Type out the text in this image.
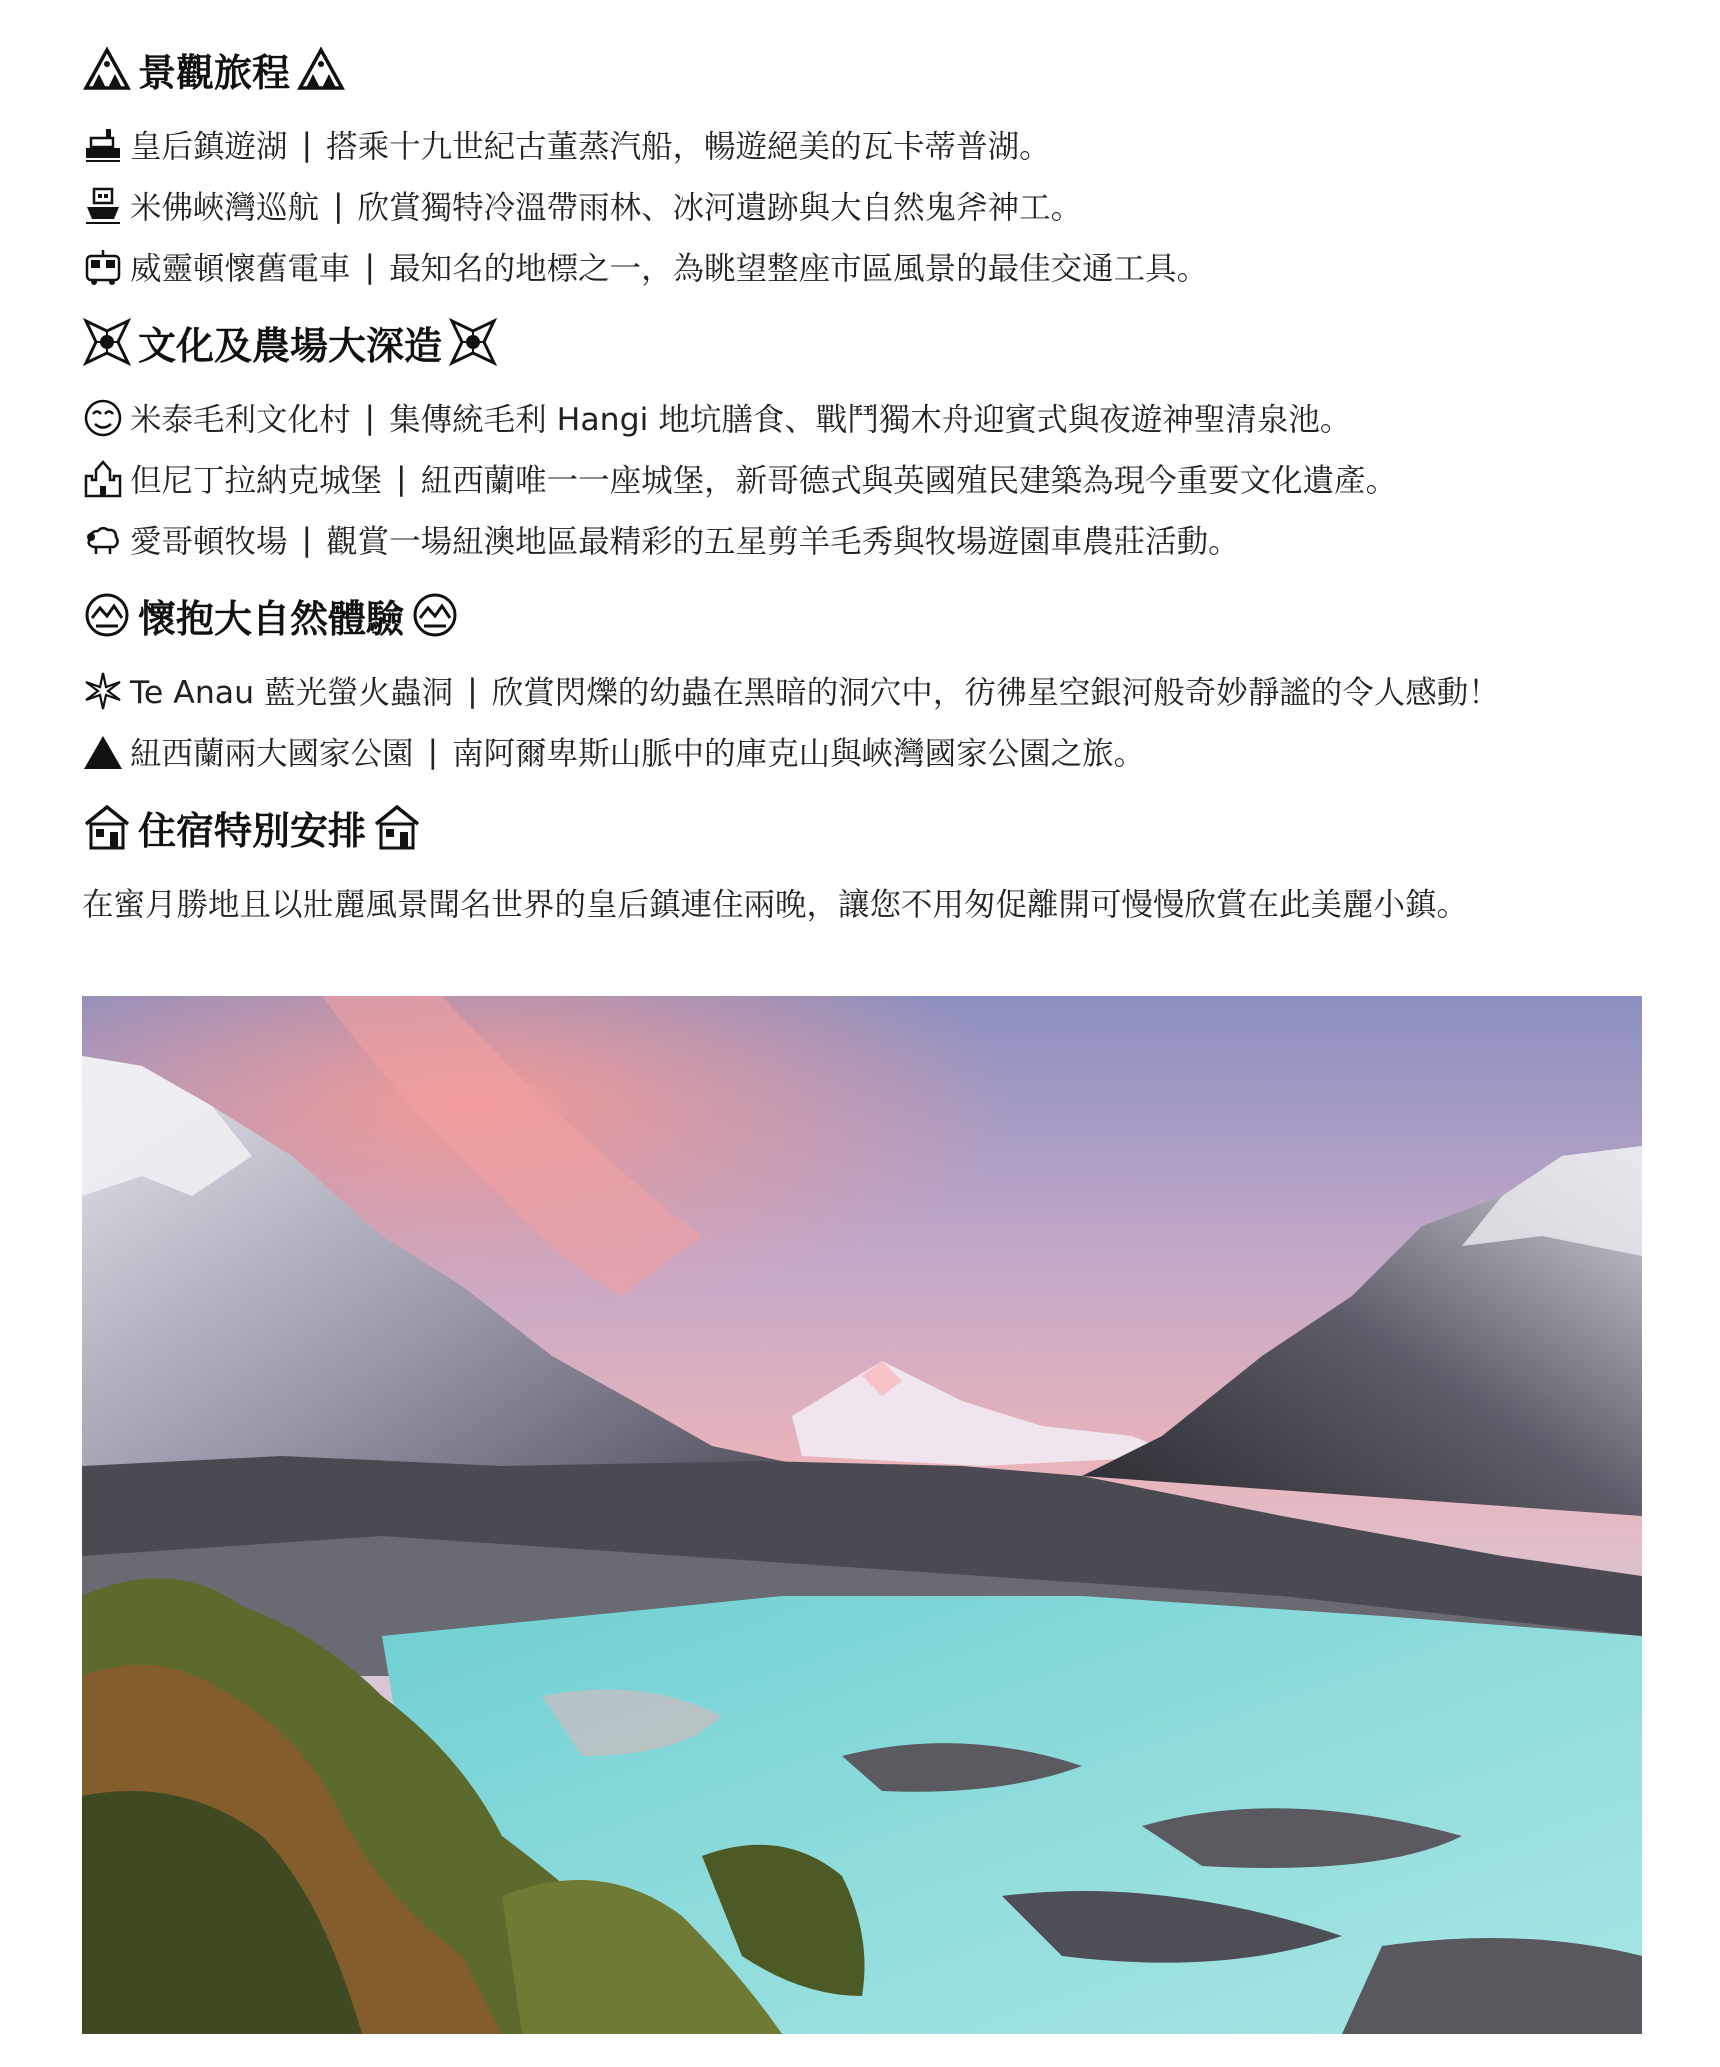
景觀旅程
皇后鎮遊湖 | 搭乘十九世紀古董蒸汽船，暢遊絕美的瓦卡蒂普湖。
米佛峽灣巡航 | 欣賞獨特冷溫帶雨林、冰河遺跡與大自然鬼斧神工。
威靈頓懷舊電車 | 最知名的地標之一，為眺望整座市區風景的最佳交通工具。
文化及農場大深造
米泰毛利文化村 | 集傳統毛利 Hangi 地坑膳食、戰鬥獨木舟迎賓式與夜遊神聖清泉池。
但尼丁拉納克城堡 | 紐西蘭唯一一座城堡，新哥德式與英國殖民建築為現今重要文化遺產。
愛哥頓牧場 | 觀賞一場紐澳地區最精彩的五星剪羊毛秀與牧場遊園車農莊活動。
懷抱大自然體驗
Te Anau 藍光螢火蟲洞 | 欣賞閃爍的幼蟲在黑暗的洞穴中，彷彿星空銀河般奇妙靜謐的令人感動！
紐西蘭兩大國家公園 | 南阿爾卑斯山脈中的庫克山與峽灣國家公園之旅。
住宿特別安排
在蜜月勝地且以壯麗風景聞名世界的皇后鎮連住兩晚，讓您不用匆促離開可慢慢欣賞在此美麗小鎮。
